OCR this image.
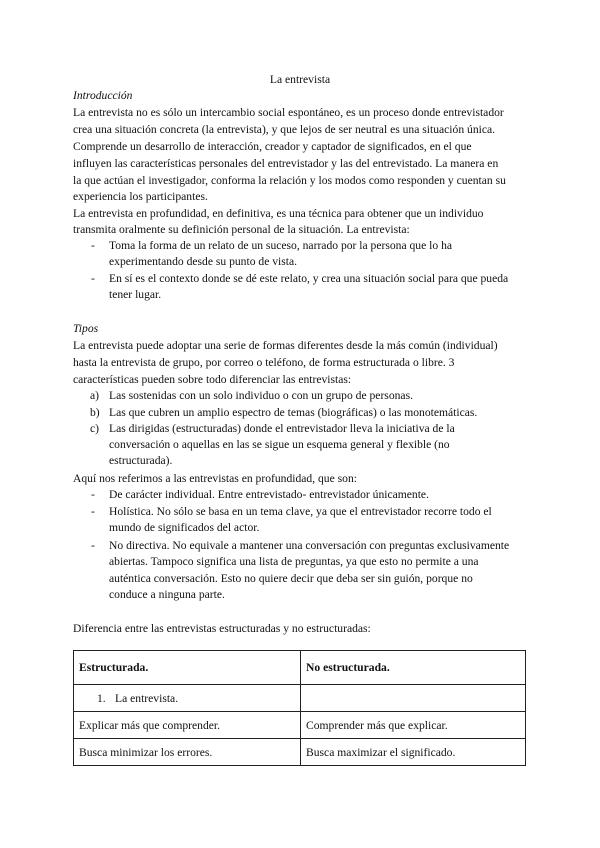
La entrevista
Introducción
La entrevista no es sólo un intercambio social espontáneo, es un proceso donde entrevistador
crea una situación concreta (la entrevista), y que lejos de ser neutral es una situación única.
Comprende un desarrollo de interacción, creador y captador de significados, en el que
influyen las características personales del entrevistador y las del entrevistado. La manera en
la que actúan el investigador, conforma la relación y los modos como responden y cuentan su
experiencia los participantes.
La entrevista en profundidad, en definitiva, es una técnica para obtener que un individuo
transmita oralmente su definición personal de la situación. La entrevista:
- Toma la forma de un relato de un suceso, narrado por la persona que lo ha
experimentando desde su punto de vista.
- En sí es el contexto donde se dé este relato, y crea una situación social para que pueda
tener lugar.
Tipos
La entrevista puede adoptar una serie de formas diferentes desde la más común (individual)
hasta la entrevista de grupo, por correo o teléfono, de forma estructurada o libre. 3
características pueden sobre todo diferenciar las entrevistas:
a) Las sostenidas con un solo individuo o con un grupo de personas.
b) Las que cubren un amplio espectro de temas (biográficas) o las monotemáticas.
c) Las dirigidas (estructuradas) donde el entrevistador lleva la iniciativa de la
conversación o aquellas en las se sigue un esquema general y flexible (no
estructurada).
Aquí nos referimos a las entrevistas en profundidad, que son:
- De carácter individual. Entre entrevistado- entrevistador únicamente.
- Holística. No sólo se basa en un tema clave, ya que el entrevistador recorre todo el
mundo de significados del actor.
- No directiva. No equivale a mantener una conversación con preguntas exclusivamente
abiertas. Tampoco significa una lista de preguntas, ya que esto no permite a una
auténtica conversación. Esto no quiere decir que deba ser sin guión, porque no
conduce a ninguna parte.
Diferencia entre las entrevistas estructuradas y no estructuradas:
Estructurada.	No estructurada.
1. La entrevista.	
Explicar más que comprender.	Comprender más que explicar.
Busca minimizar los errores.	Busca maximizar el significado.
